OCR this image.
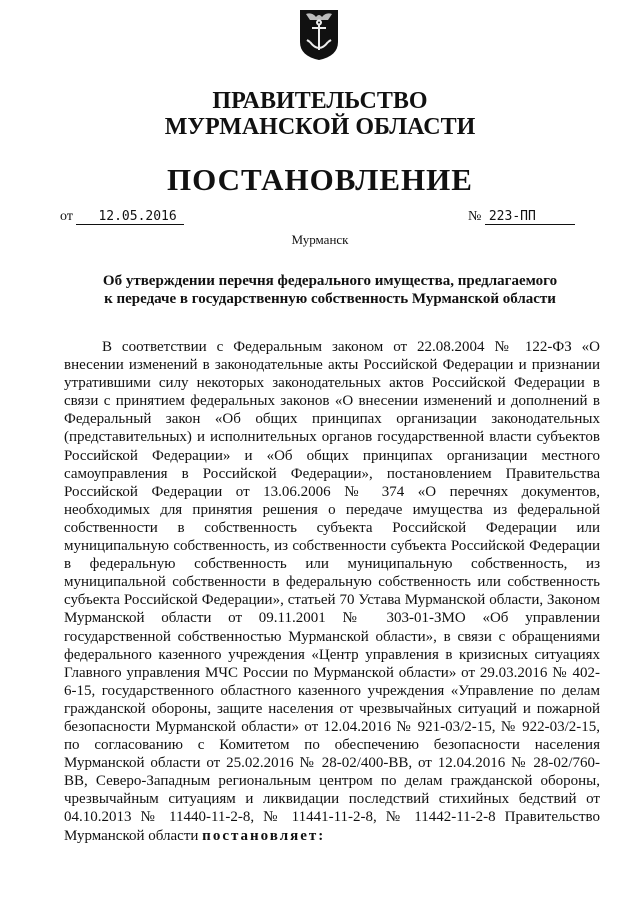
ПРАВИТЕЛЬСТВО
МУРМАНСКОЙ ОБЛАСТИ
ПОСТАНОВЛЕНИЕ
от 12.05.2016	№ 223-ПП
Мурманск
Об утверждении перечня федерального имущества, предлагаемого
к передаче в государственную собственность Мурманской области

В соответствии с Федеральным законом от 22.08.2004 № 122-ФЗ «О внесении изменений в законодательные акты Российской Федерации и признании утратившими силу некоторых законодательных актов Российской Федерации в связи с принятием федеральных законов «О внесении изменений и дополнений в Федеральный закон «Об общих принципах организации законодательных (представительных) и исполнительных органов государственной власти субъектов Российской Федерации» и «Об общих принципах организации местного самоуправления в Российской Федерации», постановлением Правительства Российской Федерации от 13.06.2006 № 374 «О перечнях документов, необходимых для принятия решения о передаче имущества из федеральной собственности в собственность субъекта Российской Федерации или муниципальную собственность, из собственности субъекта Российской Федерации в федеральную собственность или муниципальную собственность, из муниципальной собственности в федеральную собственность или собственность субъекта Российской Федерации», статьей 70 Устава Мурманской области, Законом Мурманской области от 09.11.2001 № 303-01-ЗМО «Об управлении государственной собственностью Мурманской области», в связи с обращениями федерального казенного учреждения «Центр управления в кризисных ситуациях Главного управления МЧС России по Мурманской области» от 29.03.2016 № 402-6-15, государственного областного казенного учреждения «Управление по делам гражданской обороны, защите населения от чрезвычайных ситуаций и пожарной безопасности Мурманской области» от 12.04.2016 № 921-03/2-15, № 922-03/2-15, по согласованию с Комитетом по обеспечению безопасности населения Мурманской области от 25.02.2016 № 28-02/400-ВВ, от 12.04.2016 № 28-02/760-ВВ, Северо-Западным региональным центром по делам гражданской обороны, чрезвычайным ситуациям и ликвидации последствий стихийных бедствий от 04.10.2013 № 11440-11-2-8, № 11441-11-2-8, № 11442-11-2-8 Правительство Мурманской области постановляет:
